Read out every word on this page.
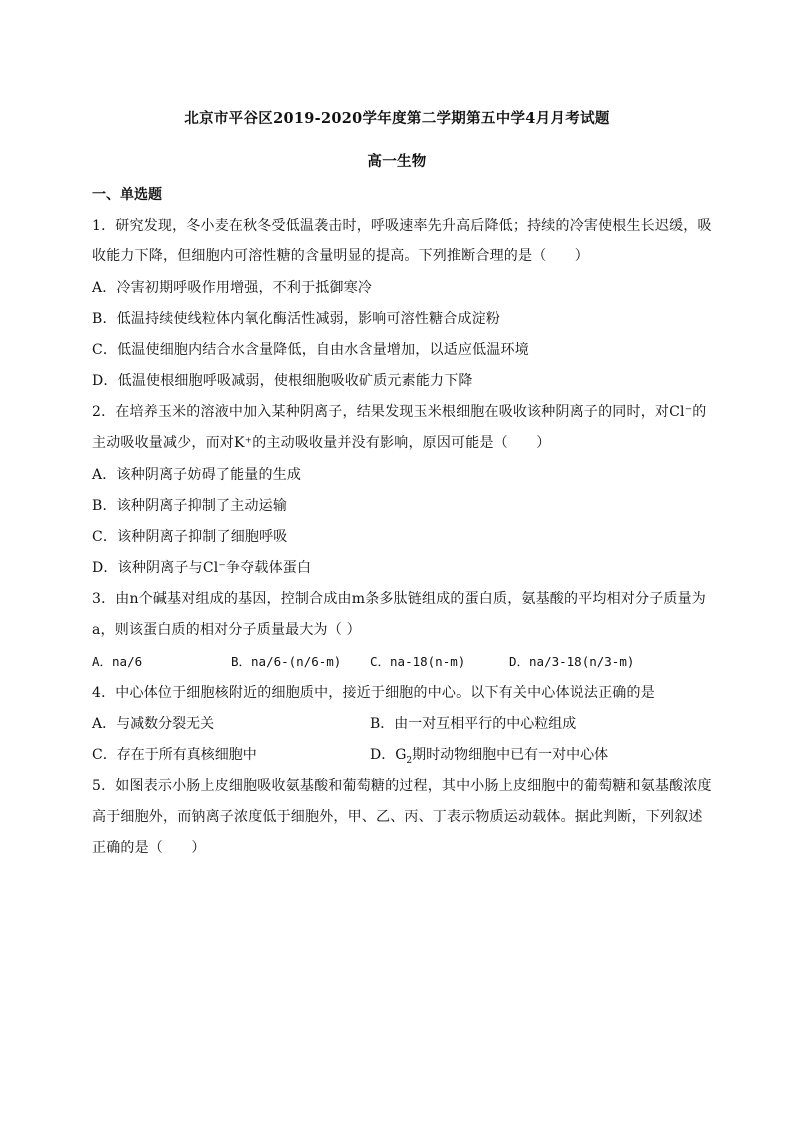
北京市平谷区2019-2020学年度第二学期第五中学4月月考试题
高一生物
一、单选题
1．研究发现，冬小麦在秋冬受低温袭击时，呼吸速率先升高后降低；持续的冷害使根生长迟缓，吸
收能力下降，但细胞内可溶性糖的含量明显的提高。下列推断合理的是（　　）
A．冷害初期呼吸作用增强，不利于抵御寒冷
B．低温持续使线粒体内氧化酶活性减弱，影响可溶性糖合成淀粉
C．低温使细胞内结合水含量降低，自由水含量增加，以适应低温环境
D．低温使根细胞呼吸减弱，使根细胞吸收矿质元素能力下降
2．在培养玉米的溶液中加入某种阴离子，结果发现玉米根细胞在吸收该种阴离子的同时，对Cl⁻的
主动吸收量减少，而对K⁺的主动吸收量并没有影响，原因可能是（　　）
A．该种阴离子妨碍了能量的生成
B．该种阴离子抑制了主动运输
C．该种阴离子抑制了细胞呼吸
D．该种阴离子与Cl⁻争夺载体蛋白
3．由n个碱基对组成的基因，控制合成由m条多肽链组成的蛋白质，氨基酸的平均相对分子质量为
a，则该蛋白质的相对分子质量最大为（ ）
A．na/6	B．na/6-(n/6-m) C．na-18(n-m)	D．na/3-18(n/3-m)
4．中心体位于细胞核附近的细胞质中，接近于细胞的中心。以下有关中心体说法正确的是
A．与减数分裂无关	B．由一对互相平行的中心粒组成
C．存在于所有真核细胞中	D．$G_2$期时动物细胞中已有一对中心体
5．如图表示小肠上皮细胞吸收氨基酸和葡萄糖的过程，其中小肠上皮细胞中的葡萄糖和氨基酸浓度
高于细胞外，而钠离子浓度低于细胞外，甲、乙、丙、丁表示物质运动载体。据此判断，下列叙述
正确的是（　　）
